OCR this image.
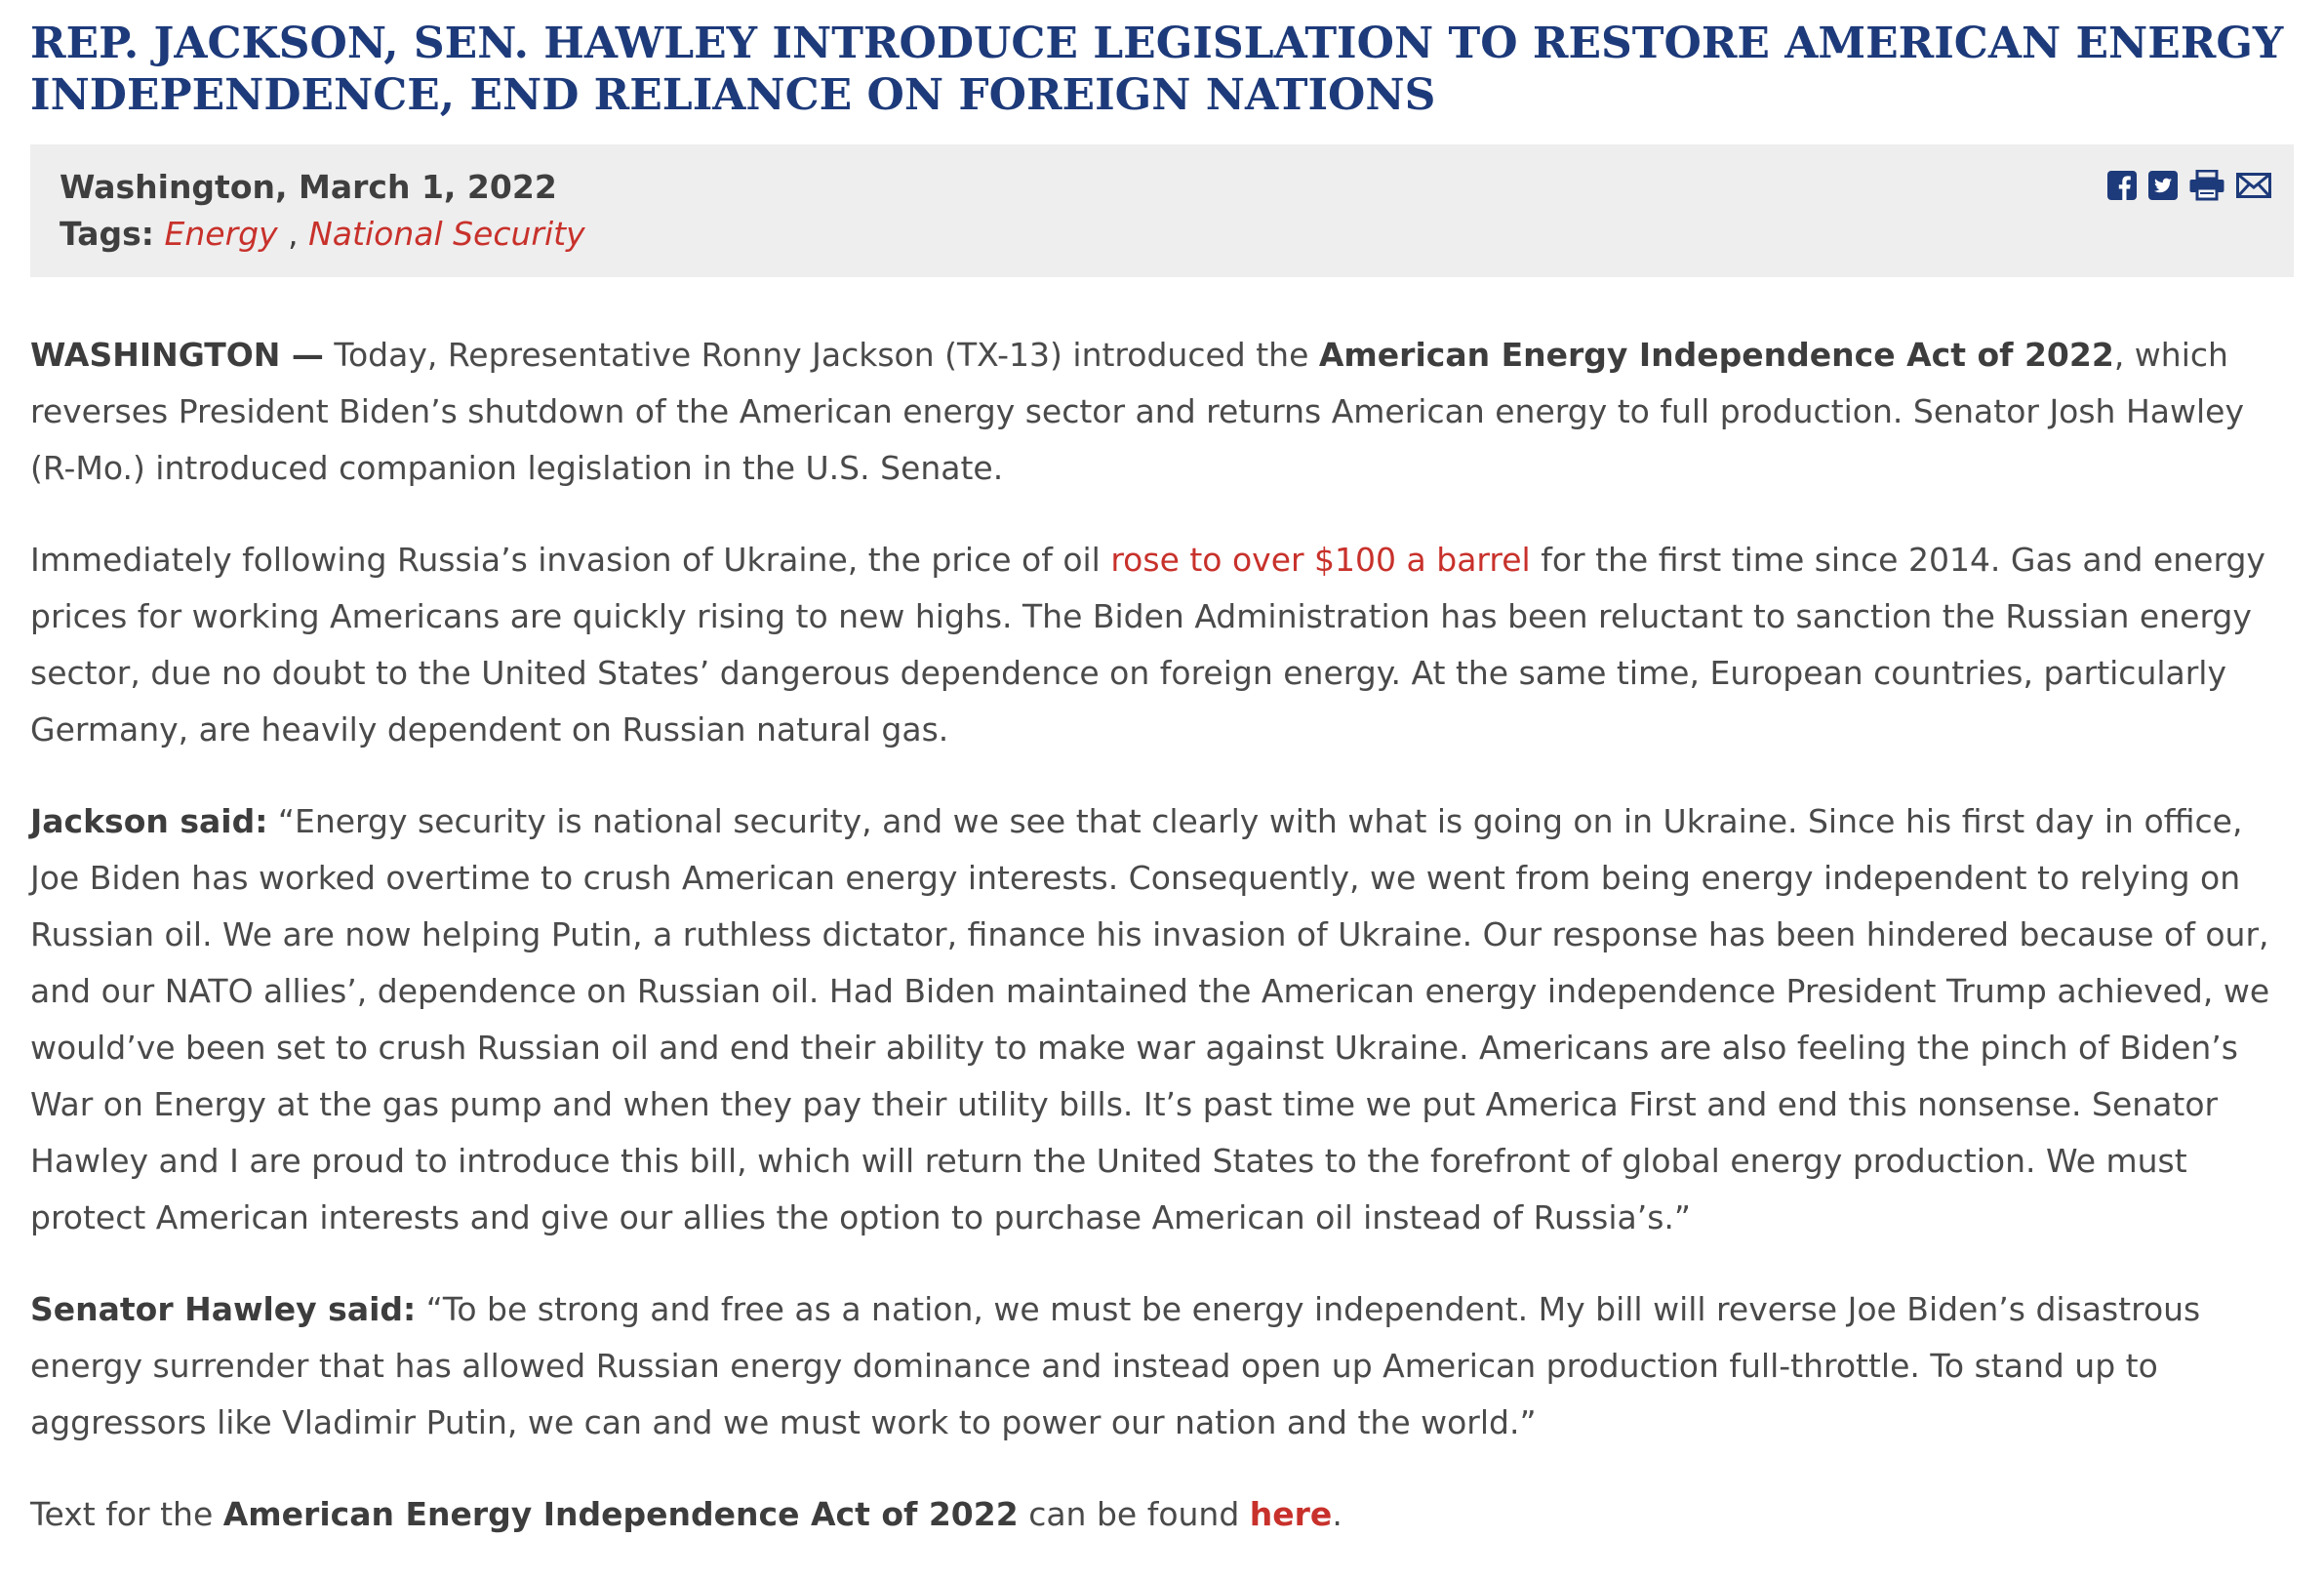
REP. JACKSON, SEN. HAWLEY INTRODUCE LEGISLATION TO RESTORE AMERICAN ENERGY INDEPENDENCE, END RELIANCE ON FOREIGN NATIONS
Washington, March 1, 2022
Tags: Energy , National Security

WASHINGTON — Today, Representative Ronny Jackson (TX-13) introduced the American Energy Independence Act of 2022, which reverses President Biden’s shutdown of the American energy sector and returns American energy to full production. Senator Josh Hawley (R-Mo.) introduced companion legislation in the U.S. Senate.

Immediately following Russia’s invasion of Ukraine, the price of oil rose to over $100 a barrel for the first time since 2014. Gas and energy prices for working Americans are quickly rising to new highs. The Biden Administration has been reluctant to sanction the Russian energy sector, due no doubt to the United States’ dangerous dependence on foreign energy. At the same time, European countries, particularly Germany, are heavily dependent on Russian natural gas.

Jackson said: “Energy security is national security, and we see that clearly with what is going on in Ukraine. Since his first day in office, Joe Biden has worked overtime to crush American energy interests. Consequently, we went from being energy independent to relying on Russian oil. We are now helping Putin, a ruthless dictator, finance his invasion of Ukraine. Our response has been hindered because of our, and our NATO allies’, dependence on Russian oil. Had Biden maintained the American energy independence President Trump achieved, we would’ve been set to crush Russian oil and end their ability to make war against Ukraine. Americans are also feeling the pinch of Biden’s War on Energy at the gas pump and when they pay their utility bills. It’s past time we put America First and end this nonsense. Senator Hawley and I are proud to introduce this bill, which will return the United States to the forefront of global energy production. We must protect American interests and give our allies the option to purchase American oil instead of Russia’s.”

Senator Hawley said: “To be strong and free as a nation, we must be energy independent. My bill will reverse Joe Biden’s disastrous energy surrender that has allowed Russian energy dominance and instead open up American production full-throttle. To stand up to aggressors like Vladimir Putin, we can and we must work to power our nation and the world.”

Text for the American Energy Independence Act of 2022 can be found here.
